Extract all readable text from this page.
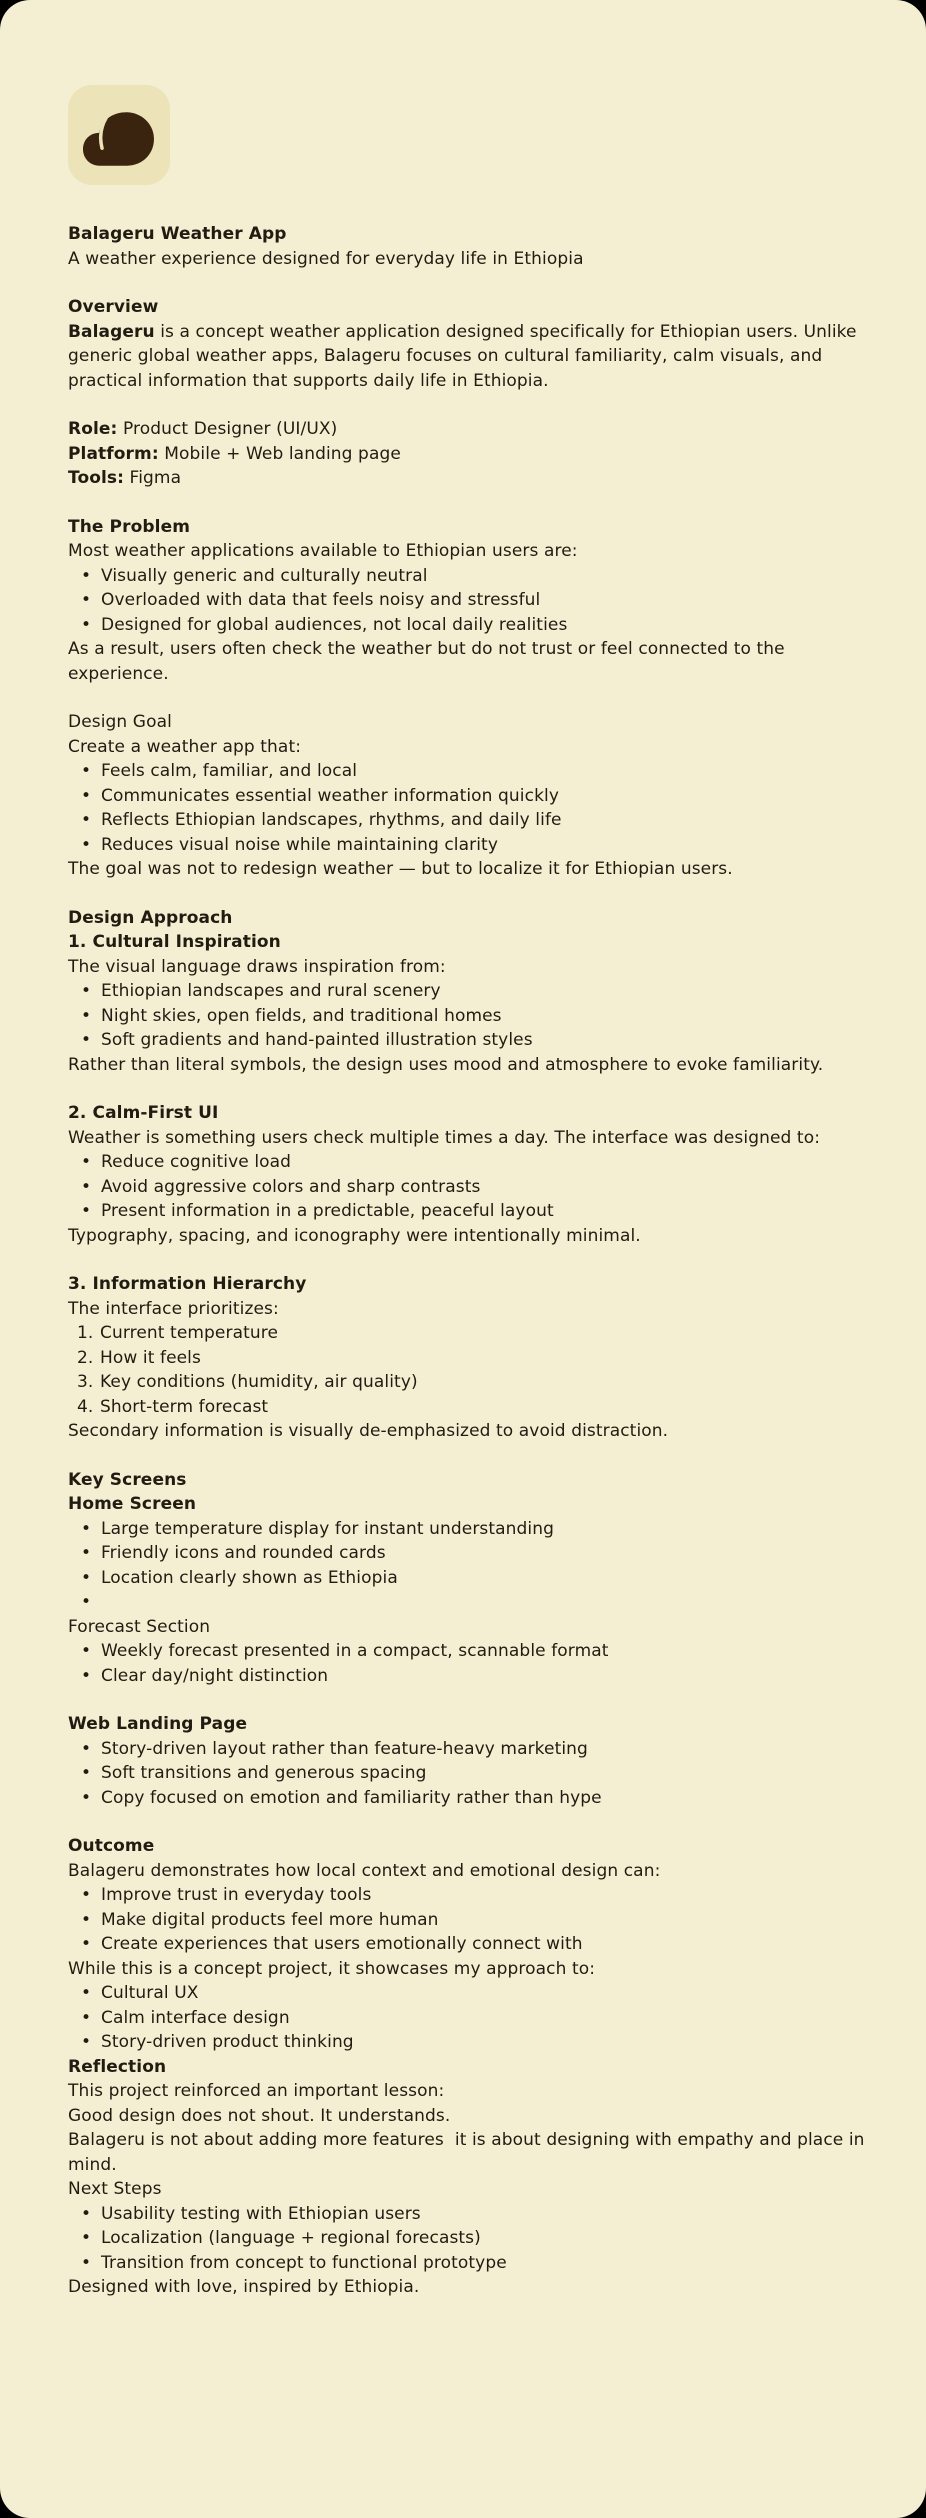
Balageru Weather App

A weather experience designed for everyday life in Ethiopia

Overview

Balageru is a concept weather application designed specifically for Ethiopian users. Unlike generic global weather apps, Balageru focuses on cultural familiarity, calm visuals, and practical information that supports daily life in Ethiopia.

Role: Product Designer (UI/UX)

Platform: Mobile + Web landing page

Tools: Figma

The Problem

Most weather applications available to Ethiopian users are:

• Visually generic and culturally neutral
• Overloaded with data that feels noisy and stressful
• Designed for global audiences, not local daily realities

As a result, users often check the weather but do not trust or feel connected to the experience.

Design Goal

Create a weather app that:

• Feels calm, familiar, and local
• Communicates essential weather information quickly
• Reflects Ethiopian landscapes, rhythms, and daily life
• Reduces visual noise while maintaining clarity

The goal was not to redesign weather — but to localize it for Ethiopian users.

Design Approach

1. Cultural Inspiration

The visual language draws inspiration from:

• Ethiopian landscapes and rural scenery
• Night skies, open fields, and traditional homes
• Soft gradients and hand-painted illustration styles

Rather than literal symbols, the design uses mood and atmosphere to evoke familiarity.

2. Calm-First UI

Weather is something users check multiple times a day. The interface was designed to:

• Reduce cognitive load
• Avoid aggressive colors and sharp contrasts
• Present information in a predictable, peaceful layout

Typography, spacing, and iconography were intentionally minimal.

3. Information Hierarchy

The interface prioritizes:

1. Current temperature
2. How it feels
3. Key conditions (humidity, air quality)
4. Short-term forecast

Secondary information is visually de-emphasized to avoid distraction.

Key Screens

Home Screen

• Large temperature display for instant understanding
• Friendly icons and rounded cards
• Location clearly shown as Ethiopia
•

Forecast Section

• Weekly forecast presented in a compact, scannable format
• Clear day/night distinction

Web Landing Page

• Story-driven layout rather than feature-heavy marketing
• Soft transitions and generous spacing
• Copy focused on emotion and familiarity rather than hype

Outcome

Balageru demonstrates how local context and emotional design can:

• Improve trust in everyday tools
• Make digital products feel more human
• Create experiences that users emotionally connect with

While this is a concept project, it showcases my approach to:

• Cultural UX
• Calm interface design
• Story-driven product thinking

Reflection

This project reinforced an important lesson:

Good design does not shout. It understands.

Balageru is not about adding more features  it is about designing with empathy and place in mind.

Next Steps

• Usability testing with Ethiopian users
• Localization (language + regional forecasts)
• Transition from concept to functional prototype

Designed with love, inspired by Ethiopia.
